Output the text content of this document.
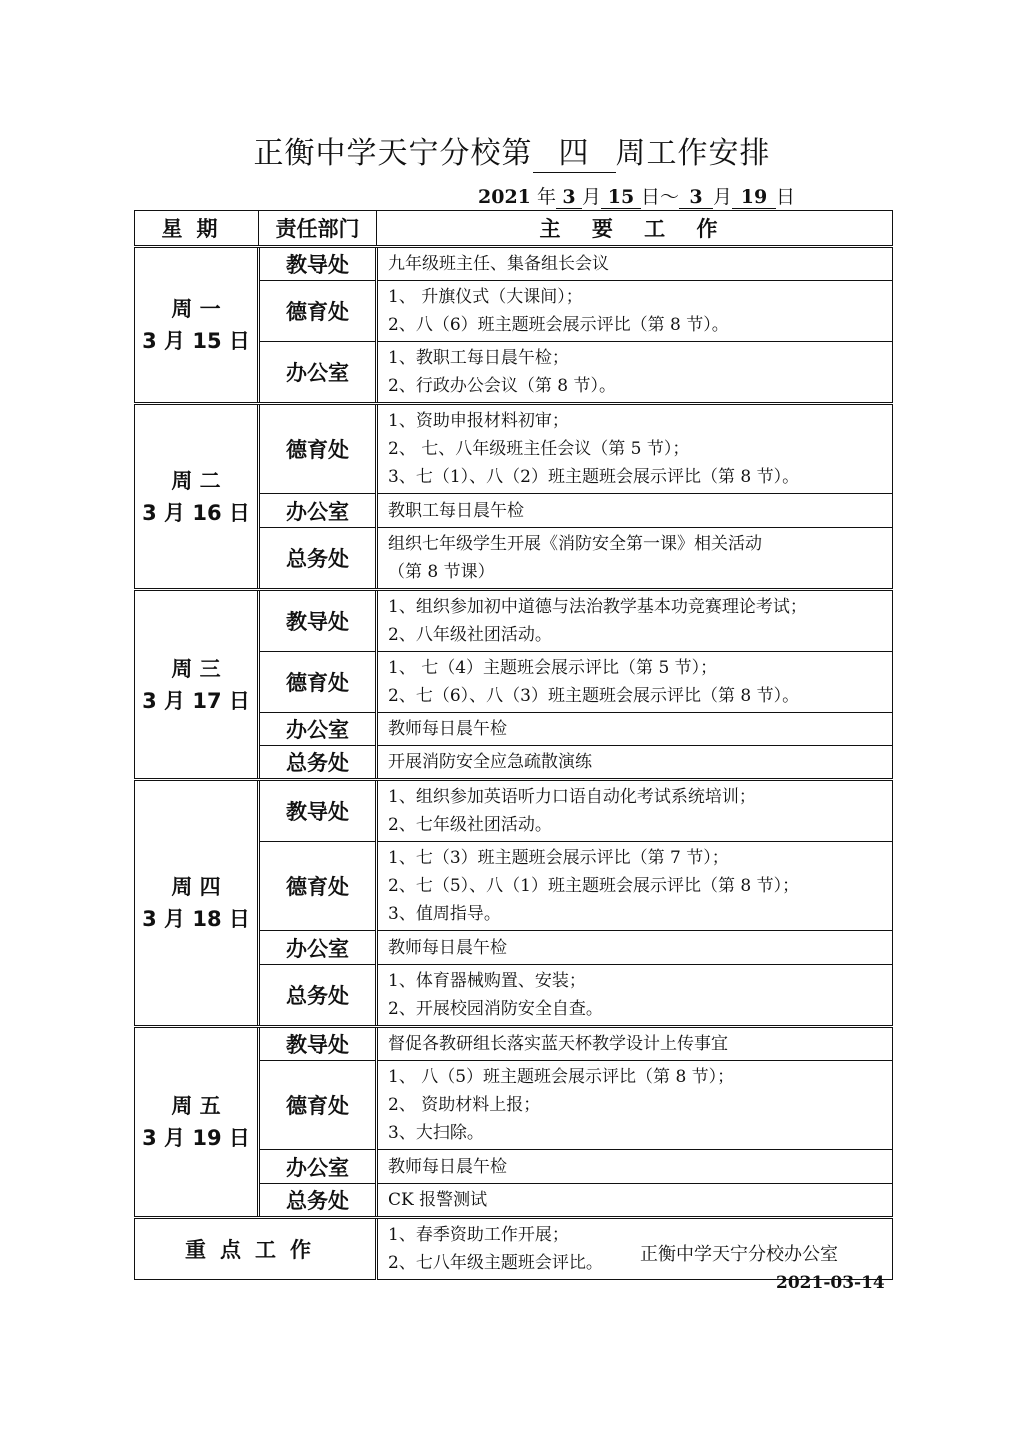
正衡中学天宁分校第 四 周工作安排
2021 年 3 月 15 日～ 3 月 19 日
星期	责任部门	主 要 工 作

周 一
3 月 15 日	教导处	九年级班主任、集备组长会议

	德育处	1、 升旗仪式（大课间）；
2、八（6）班主题班会展示评比（第 8 节）。

	办公室	1、教职工每日晨午检；
2、行政办公会议（第 8 节）。

周 二
3 月 16 日	德育处	1、资助申报材料初审；
2、 七、八年级班主任会议（第 5 节）；
3、七（1）、八（2）班主题班会展示评比（第 8 节）。

	办公室	教职工每日晨午检

	总务处	组织七年级学生开展《消防安全第一课》相关活动
（第 8 节课）

周 三
3 月 17 日	教导处	1、组织参加初中道德与法治教学基本功竞赛理论考试；
2、八年级社团活动。

	德育处	1、 七（4）主题班会展示评比（第 5 节）；
2、七（6）、八（3）班主题班会展示评比（第 8 节）。

	办公室	教师每日晨午检

	总务处	开展消防安全应急疏散演练

周 四
3 月 18 日	教导处	1、组织参加英语听力口语自动化考试系统培训；
2、七年级社团活动。

	德育处	1、七（3）班主题班会展示评比（第 7 节）；
2、七（5）、八（1）班主题班会展示评比（第 8 节）；
3、值周指导。

	办公室	教师每日晨午检

	总务处	1、体育器械购置、安装；
2、开展校园消防安全自查。

周 五
3 月 19 日	教导处	督促各教研组长落实蓝天杯教学设计上传事宜

	德育处	1、 八（5）班主题班会展示评比（第 8 节）；
2、 资助材料上报；
3、大扫除。

	办公室	教师每日晨午检

	总务处	CK 报警测试

重点工作		1、春季资助工作开展；
2、七八年级主题班会评比。	正衡中学天宁分校办公室
2021-03-14
